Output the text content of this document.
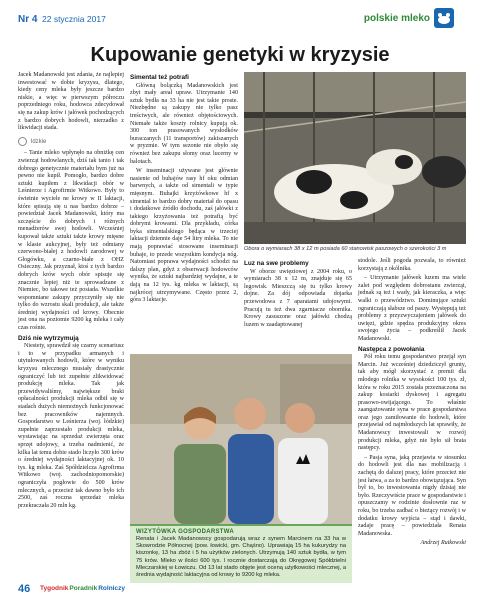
Nr 4 22 stycznia 2017	polskie mleko
Kupowanie genetyki w kryzysie

Jacek Madanowski jest zdania, że najlepiej inwestować w dobie kryzysu, dlatego, kiedy ceny mleka były jeszcze bardzo niskie, a więc w pierwszym półroczu poprzedniego roku, hodowca zdecydował się na zakup krów i jałówek pochodzących z bardzo dobrych hodowli, nierzadko z likwidacji stada.

Idzkie

– Tanie mleko wpłynęło na obniżkę cen zwierząt hodowlanych, dziś tak tanio i tak dobrego genetycznie materiału bym już na pewno nie kupił. Pomogło, bardzo dobre sztuki kupiłem z likwidacji obór w Leśnierze i Agrofirmie Witkowo. Były to świetnie wyciele ne krowy w II laktacji, które spisują się u nas bardzo dobrze – powiedział Jacek Madanowski, który ma szczęście do dobrych i różnych menadżerów swej hodowli. Wcześniej kupował także sztuki także krowy mięsne w klasie aukcyjnej, były też odmiany czerwono-białej z hodowli zarodowej w Głogówku, a czarno-białe z OHZ Osieczny. Jak przyznał, ktoś z tych bardzo dobrych krów wych obór spisuje się znacznie lepiej niż te sprowadzane z Niemiec, bo takowe też posiada. Wszelkie wspomniane zakupy przyczyniły się nie tylko do wzrostu skali produkcji, ale także średniej wydajności od krowy. Obecnie jest ona na poziomie 9200 kg mleka i cały czas rośnie.

Dziś nie wytrzymują

Niestety, sprawdził się czarny scenariusz i to w przypadku armanych i utytułowanych hodowli, które w wyniku kryzysu mlecznego musiały drastycznie ograniczyć lub też zupełnie zlikwidować produkcję mleka. Tak jak przewidywaliśmy, największe braki opłacalności produkcji mleka odbił się w stadach dużych niemożnych funkcjonować bez pracowników najemnych. Gospodarstwo w Leśnierza (woj. łódzkie) zupełnie zaprzestało produkcji mleka, wystawiając na sprzedaż zwierzęta oraz sprzęt udojowy, a trzeba nadmienić, że kilka lat temu dobie stado liczyło 300 krów o średniej wydajności laktacyjnej ok. 10 tys. kg mleka. Zaś Spółdzielcza Agrofirma Witkowo (woj. zachodniopomorskie) ograniczyła pogłowie do 500 krów mlecznych, a przecież tak dawno było ich 2500, zaś roczna sprzedaż mleka przekraczała 20 mln kg.

Simental też potrafi

Główną bolączką Madanowskich jest zbyt mały areał upraw. Utrzymanie 140 sztuk bydła na 33 ha nie jest takie proste. Niezbędne są zakupy nie tylko pasz treściwych, ale również objętościowych. Niemałe także koszty rolnicy kupują ok. 300 ton prasowanych wysłodków buraczanych (11 transportów) zakiszanych w pryzmie. W tym sezonie nie obyło się również bez zakupu słomy oraz lucerny w balotach.

W inseminacji używane jest głównie nasienie od buhajów rasy hf oku odmian barwnych, a także od simentali w typie mięsnym. Buhajki krzyżówkowe hf x simental to bardzo dobry materiał do opasu i dodatkowe źródło dochodu, zaś jałówki z takiego krzyżowania też potrafią być dobrymi krowami. Dla przykładu, córka byka simentalskiego będąca w trzeciej laktacji dziennie daje 54 litry mleka. To nie mają poprawiać stosowane inseminacji buhaje, to przede wszystkim kondycja nóg. Natomiast poprawa wydajności schodzi na dalszy plan, gdyż z obserwacji hodowców wynika, że sztuki najbardziej wydajne, a te dają na 12 tys. kg mleka w laktacji, są najkrócej utrzymywane. Często przez 2, góra 3 laktacje.

Obora o wymiarach 38 x 12 m posiada 60 stanowisk paszowych o szerokości 3 m
Luz na swe problemy

W oborze uwięziowej z 2004 roku, o wymiarach 38 x 12 m, znajduje się 65 legowisk. Mieszczą się tu tylko krowy dojne. Za dój odpowiada dojarka przewodowa z 7 aparatami udojowymi. Pracują tu też dwa zgarniacze obornika. Krowy zasuszone oraz jałówki chodzą luzem w zaadaptowanej

stodole. Jeśli pogoda pozwala, to również korzystają z okólnika.

– Utrzymanie jałówek luzem ma wiele zalet pod względem dobrostanu zwierząt, jednak są też i wady, jak kieraczka, a więc walki o przewództwo. Dominujące sztuki ograniczają słabsze od paszy. Występują też problemy z przyzwyczajeniem jałówek do uwięzi, gdzie spędza produkcyjny okres swojego życia – podkreślił Jacek Madanowski.

Następca z powołania

Pół roku temu gospodarstwo przejął syn Marcin. Już wcześniej dziedziczył grunty, tak aby mógł skorzystać z premii dla młodego rolnika w wysokości 100 tys. zł, która w roku 2015 została przeznaczona na zakup kosiarki dyskowej i agregatu prasowo-owijającego. To właśnie zaangażowanie syna w prace gospodarstwa oraz jego zamiłowanie do hodowli, które przejawiał od najmłodszych lat sprawiły, że Madanowscy inwestowali w rozwój produkcji mleka, gdyż nie było sił brata następcy.

– Pasja syna, jaką przejawia w stosunku do hodowli jest dla nas mobilizacją i zachętą do dalszej pracy, które przecież nie jest łatwa, a za to bardzo obowiązująca. Syn był to, bo inwestowania nigdy dzisiaj nie było. Rzeczywiście prace w gospodarstwie i opuszczamy w rodzinie dosłownie raz w roku, bo trzeba zadbać o bieżący rozwój i w dodatku krowy wyjścia – stąd i dawki, zadaje pracę – powiedziała Renata Madanowska.

Andrzej Rutkowski
WIZYTÓWKA GOSPODARSTWA
Renata i Jacek Madanowscy gospodarują wraz z synem Marcinem na 33 ha w Skowrodzie Północnej (pow. łowicki, gm. Chąśno). Uprawiają 15 ha kukurydzy na kiszonkę, 13 ha zbóż i 5 ha użytków zielonych. Utrzymują 140 sztuk bydła, w tym 75 krów. Mleko w ilości 600 tys. l rocznie dostarczają do Okręgowej Spółdzielni Mleczarskiej w Łowiczu. Od 13 lat stado objęte jest oceną użytkowości mlecznej, a średnia wydajność laktacyjna od krowy to 9200 kg mleka.
46 TygodnikPoradnikRolniczy
